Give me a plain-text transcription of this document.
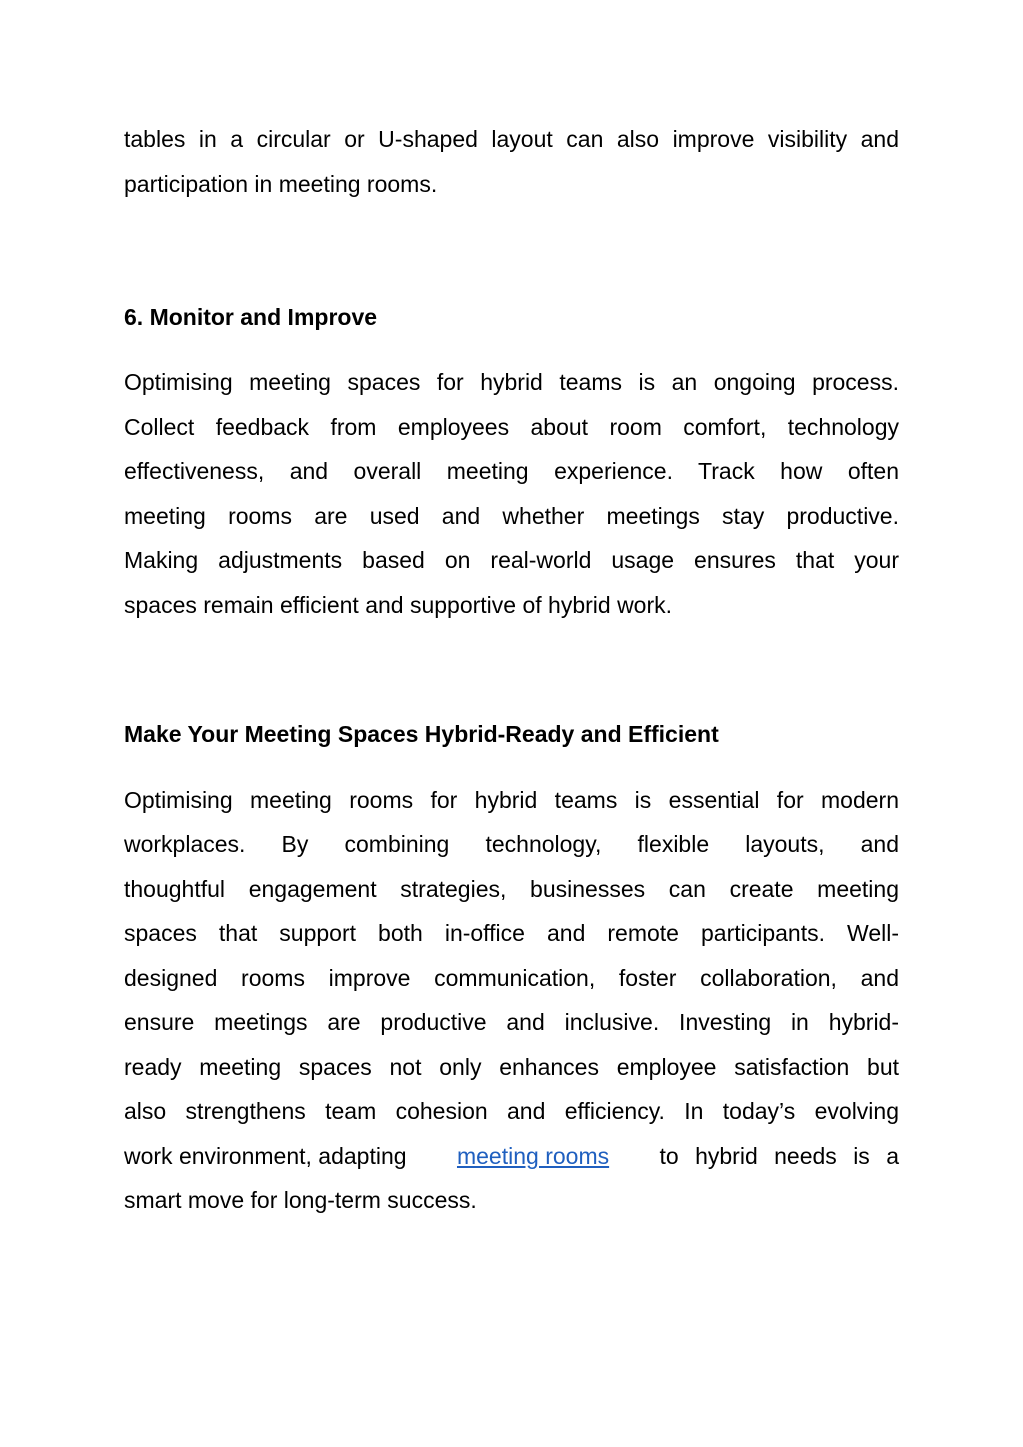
tables in a circular or U-shaped layout can also improve visibility and
participation in meeting rooms.
6. Monitor and Improve
Optimising meeting spaces for hybrid teams is an ongoing process.
Collect feedback from employees about room comfort, technology
effectiveness, and overall meeting experience. Track how often
meeting rooms are used and whether meetings stay productive.
Making adjustments based on real-world usage ensures that your
spaces remain efficient and supportive of hybrid work.
Make Your Meeting Spaces Hybrid-Ready and Efficient
Optimising meeting rooms for hybrid teams is essential for modern
workplaces. By combining technology, flexible layouts, and
thoughtful engagement strategies, businesses can create meeting
spaces that support both in-office and remote participants. Well-
designed rooms improve communication, foster collaboration, and
ensure meetings are productive and inclusive. Investing in hybrid-
ready meeting spaces not only enhances employee satisfaction but
also strengthens team cohesion and efficiency. In today’s evolving
work environment, adapting meeting rooms to hybrid needs is a
smart move for long-term success.
